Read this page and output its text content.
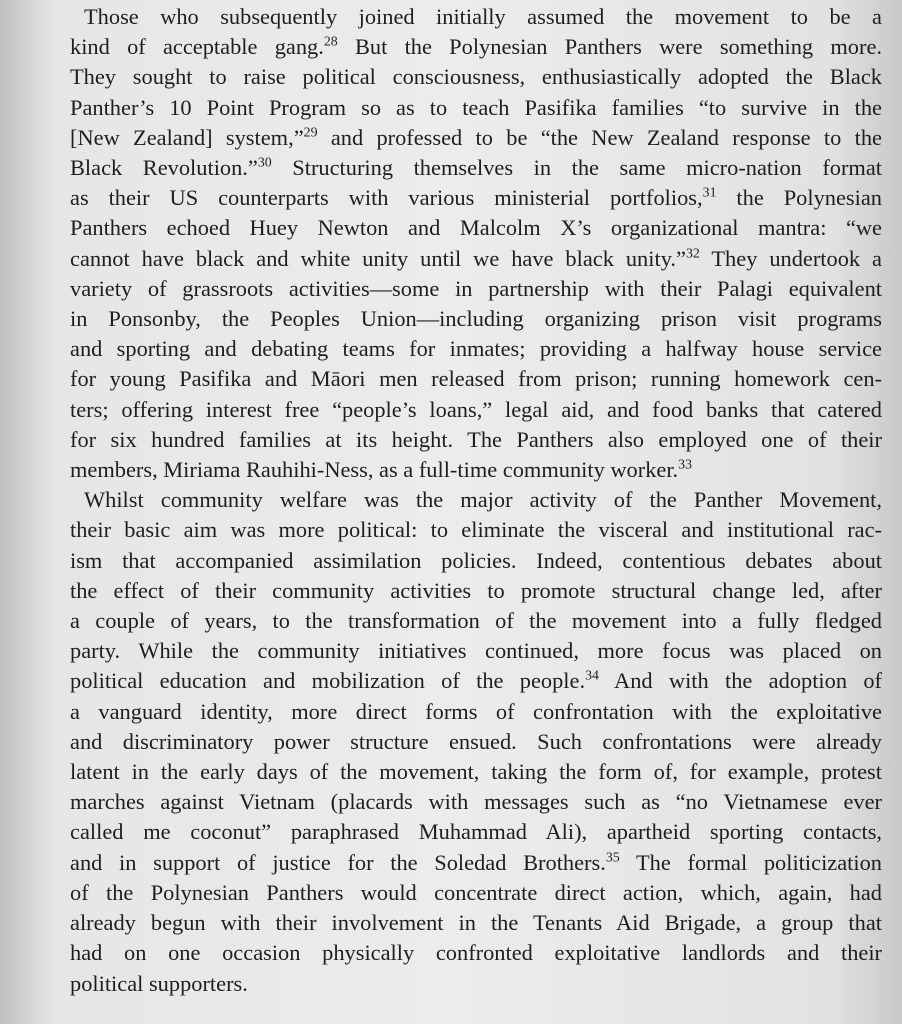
Those who subsequently joined initially assumed the movement to be a
kind of acceptable gang.$^{28}$ But the Polynesian Panthers were something more.
They sought to raise political consciousness, enthusiastically adopted the Black
Panther’s 10 Point Program so as to teach Pasifika families “to survive in the
[New Zealand] system,”$^{29}$ and professed to be “the New Zealand response to the
Black Revolution.”$^{30}$ Structuring themselves in the same micro-nation format
as their US counterparts with various ministerial portfolios,$^{31}$ the Polynesian
Panthers echoed Huey Newton and Malcolm X’s organizational mantra: “we
cannot have black and white unity until we have black unity.”$^{32}$ They undertook a
variety of grassroots activities—some in partnership with their Palagi equivalent
in Ponsonby, the Peoples Union—including organizing prison visit programs
and sporting and debating teams for inmates; providing a halfway house service
for young Pasifika and Māori men released from prison; running homework cen-
ters; offering interest free “people’s loans,” legal aid, and food banks that catered
for six hundred families at its height. The Panthers also employed one of their
members, Miriama Rauhihi-Ness, as a full-time community worker.$^{33}$
Whilst community welfare was the major activity of the Panther Movement,
their basic aim was more political: to eliminate the visceral and institutional rac-
ism that accompanied assimilation policies. Indeed, contentious debates about
the effect of their community activities to promote structural change led, after
a couple of years, to the transformation of the movement into a fully fledged
party. While the community initiatives continued, more focus was placed on
political education and mobilization of the people.$^{34}$ And with the adoption of
a vanguard identity, more direct forms of confrontation with the exploitative
and discriminatory power structure ensued. Such confrontations were already
latent in the early days of the movement, taking the form of, for example, protest
marches against Vietnam (placards with messages such as “no Vietnamese ever
called me coconut” paraphrased Muhammad Ali), apartheid sporting contacts,
and in support of justice for the Soledad Brothers.$^{35}$ The formal politicization
of the Polynesian Panthers would concentrate direct action, which, again, had
already begun with their involvement in the Tenants Aid Brigade, a group that
had on one occasion physically confronted exploitative landlords and their
political supporters.
